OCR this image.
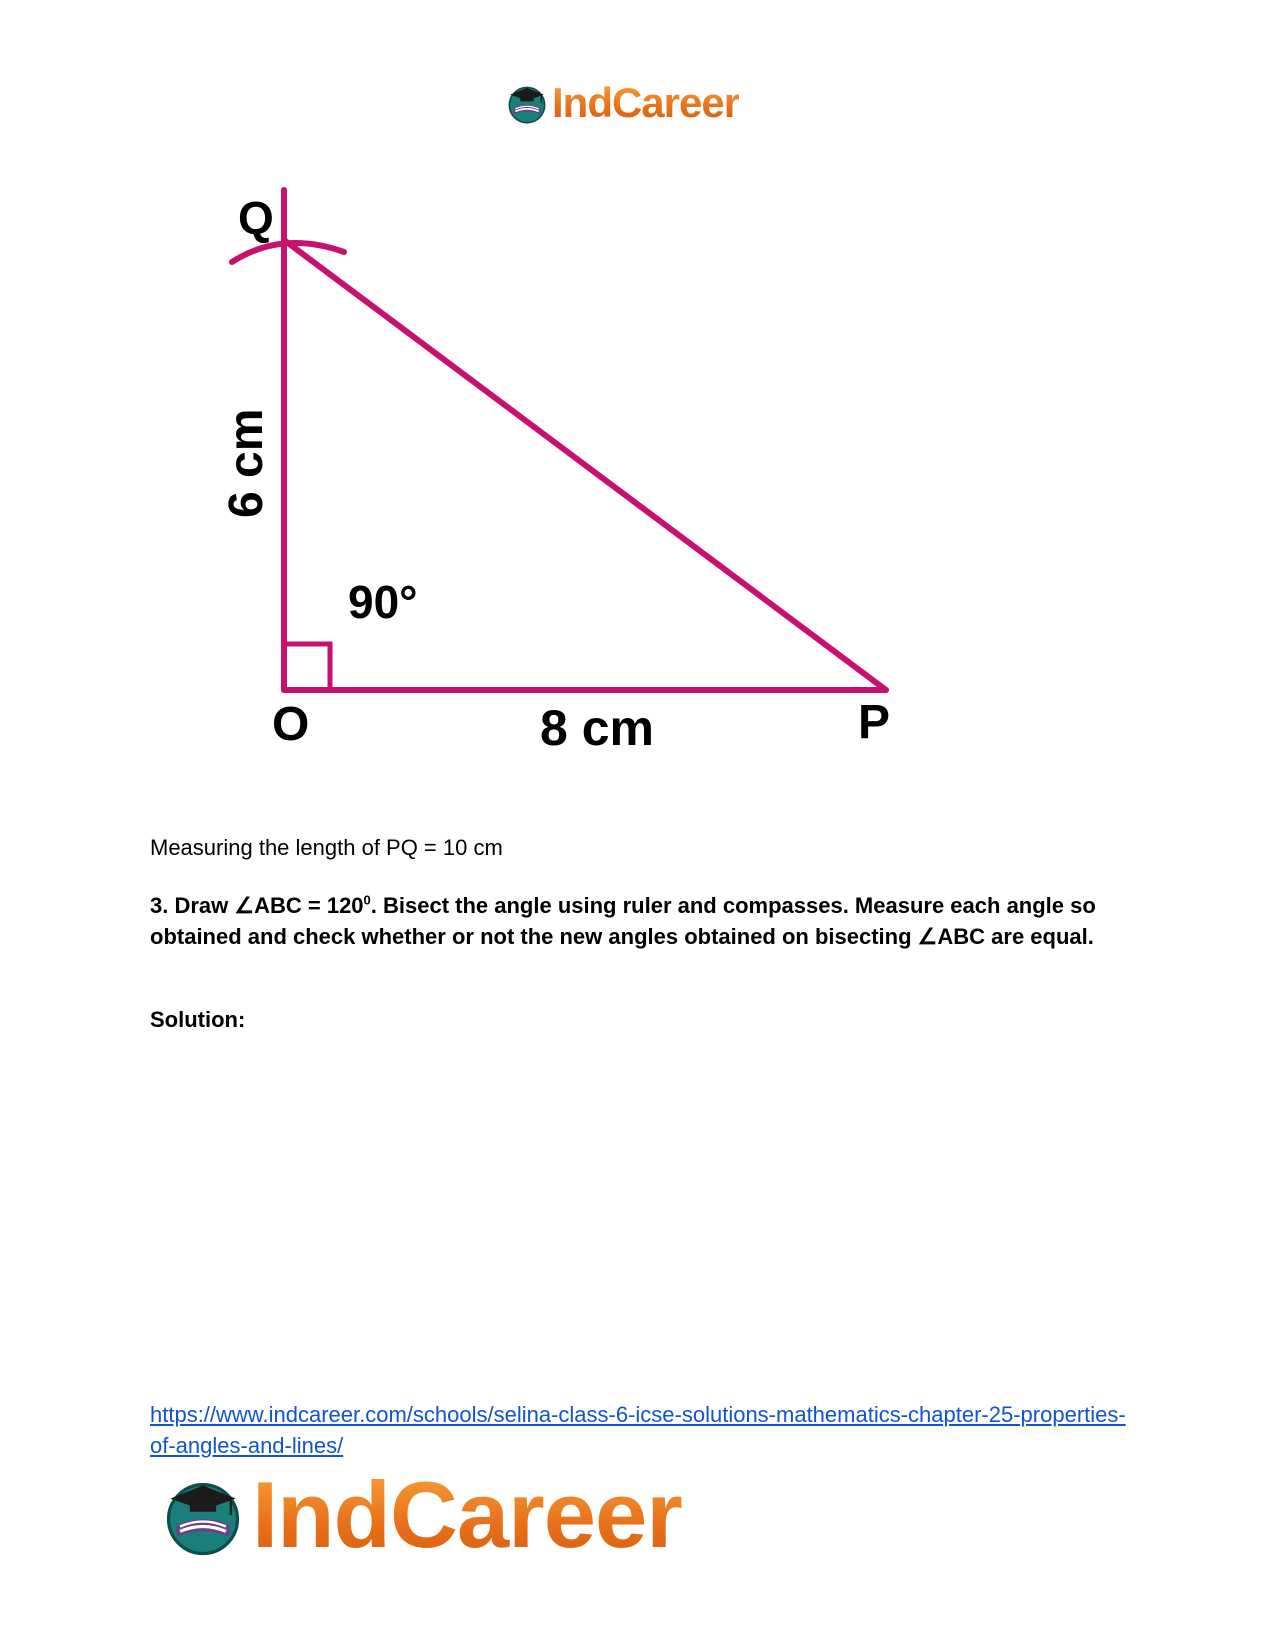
IndCareer
Q
O	P
8 cm
90°
6 cm
Measuring the length of PQ = 10 cm
3. Draw ∠ABC = $120^0$. Bisect the angle using ruler and compasses. Measure each angle so obtained and check whether or not the new angles obtained on bisecting ∠ABC are equal.
Solution:
https://www.indcareer.com/schools/selina-class-6-icse-solutions-mathematics-chapter-25-properties-of-angles-and-lines/
IndCareer
